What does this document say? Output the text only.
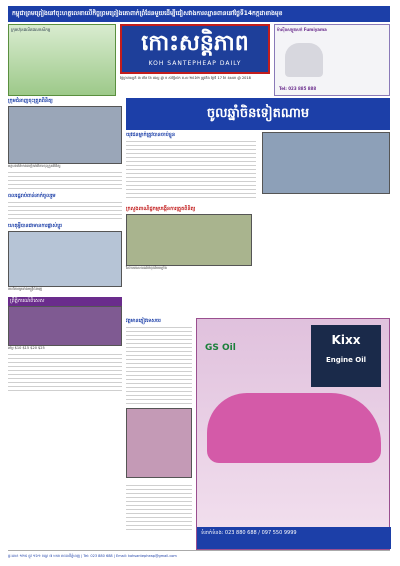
កម្ពុជាព្រមព្រៀងនៅចុះហត្ថលេខាលើកិច្ចព្រមព្រៀងគោពាក់ព្រំដែនមួយដើម្បីជៀសវាងការឈ្លានពាននៅថ្ងៃទី14កក្កដាខាងមុខ
ក្រុមហ៊ុនផលិតផលកសិកម្ម
កោះសន្តិភាព
KOH SANTEPHEAP DAILY
ថ្ងៃព្រហស្បតិ៍ ៣ កើត ខែ ជេស្ឋ ឆ្នាំ ច សំរឹទ្ធិស័ក ព.ស ២៥៦២ ត្រូវនឹង ថ្ងៃទី 17 ខែ ឧសភា ឆ្នាំ 2018
ម៉ាស៊ីនសម្ងួតសក់ Fumiyama
Tel: 023 885 888
ចូលឆ្នាំចិនទៀតណាម
ក្រុមជំនាញចុះត្រួតពិនិត្យ
អត្ថបទព័ត៌មានលម្អិតអំពីការចុះត្រួតពិនិត្យ
ពលរដ្ឋរាប់ពាន់នាក់ចូលរួម
ហេតុអ្វីបានជាមានការផ្លាស់ប្តូរ
ការពិភាក្សារវាងមន្ត្រីជំនាញ
ព្រឹត្តិការណ៍ពិសេស
តម្លៃ $10 $15 $20 $25
យុវជនម្នាក់ត្រូវបានចាប់ខ្លួន
ក្រសួងពាណិជ្ជកម្មបង្កើនការត្រួតពិនិត្យ
វិស័យទេសចរណ៍កំពុងរីកចម្រើន
វត្តមានភ្ញៀវទេសចរ
Kixx
Engine Oil
GS Oil
ទំនាក់ទំនង: 023 880 688 / 097 550 9999
ផ្ទះលេខ ១២៥ ផ្លូវ ១៦១ ខណ្ឌ ៧ មករា រាជធានីភ្នំពេញ | Tel: 023 880 688 | Email: kohsantepheap@gmail.com
